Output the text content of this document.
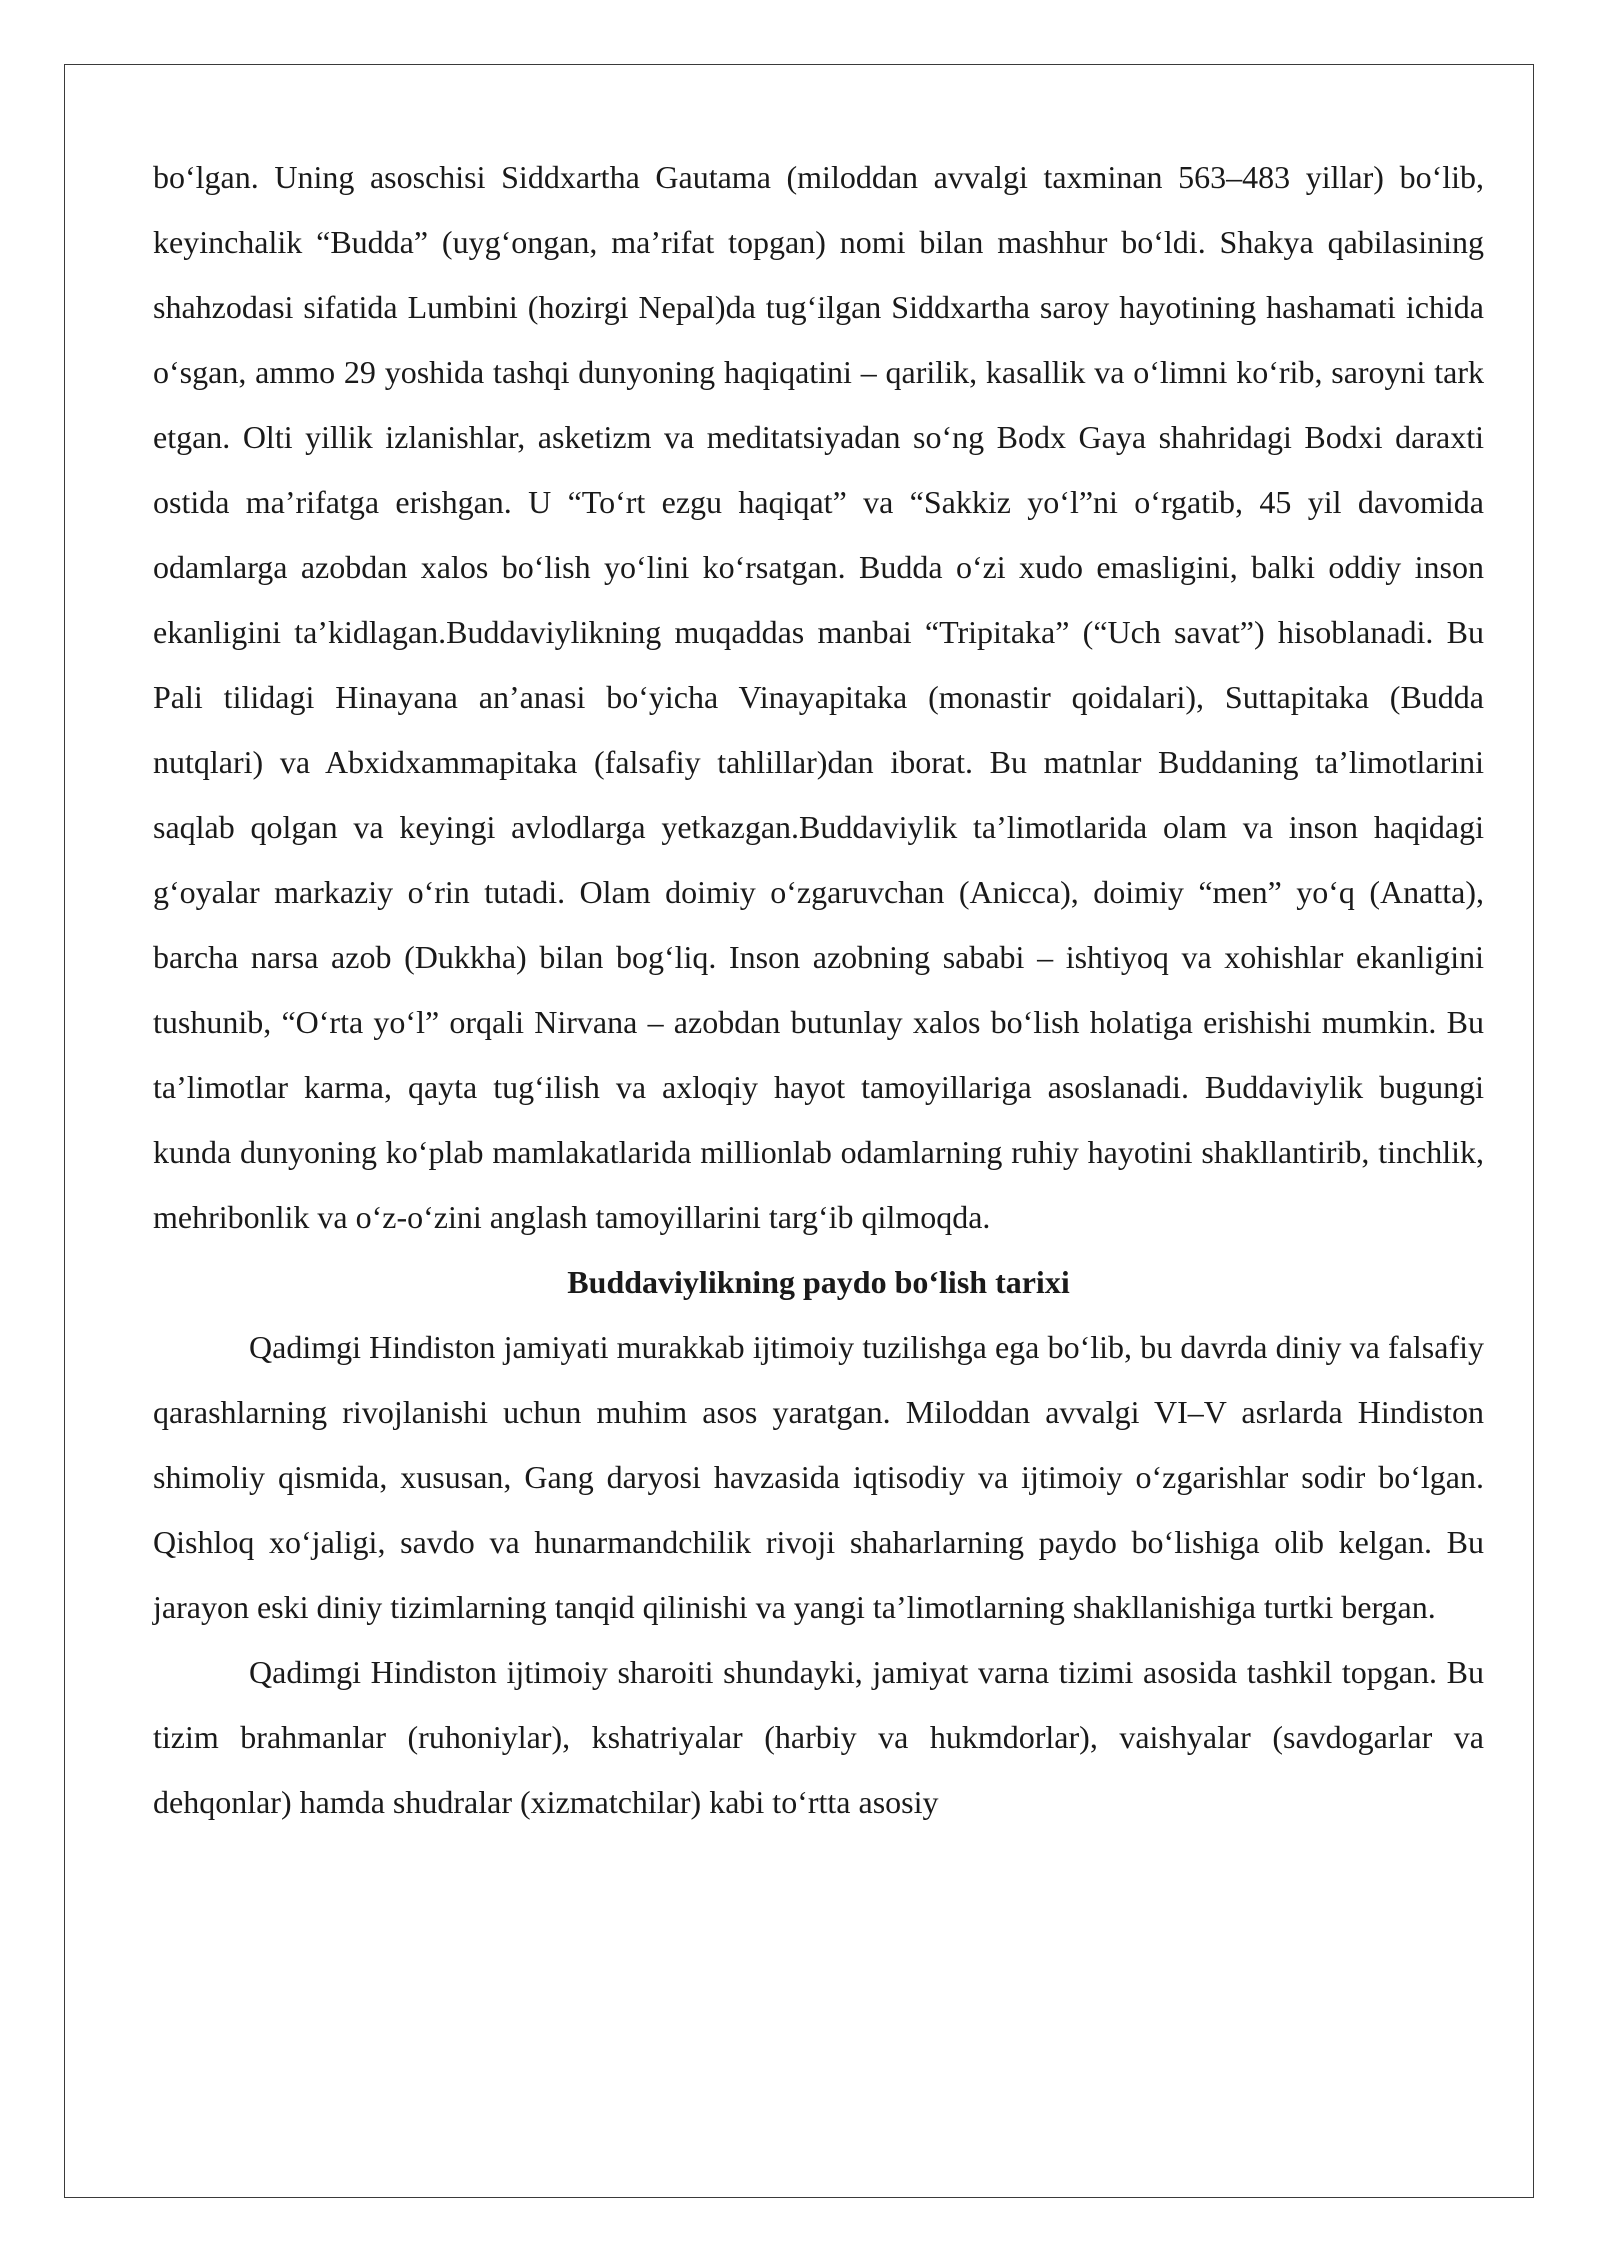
bo‘lgan. Uning asoschisi Siddxartha Gautama (miloddan avvalgi taxminan 563–483 yillar) bo‘lib, keyinchalik “Budda” (uyg‘ongan, ma’rifat topgan) nomi bilan mashhur bo‘ldi. Shakya qabilasining shahzodasi sifatida Lumbini (hozirgi Nepal)da tug‘ilgan Siddxartha saroy hayotining hashamati ichida o‘sgan, ammo 29 yoshida tashqi dunyoning haqiqatini – qarilik, kasallik va o‘limni ko‘rib, saroyni tark etgan. Olti yillik izlanishlar, asketizm va meditatsiyadan so‘ng Bodx Gaya shahridagi Bodxi daraxti ostida ma’rifatga erishgan. U “To‘rt ezgu haqiqat” va “Sakkiz yo‘l”ni o‘rgatib, 45 yil davomida odamlarga azobdan xalos bo‘lish yo‘lini ko‘rsatgan. Budda o‘zi xudo emasligini, balki oddiy inson ekanligini ta’kidlagan.Buddaviylikning muqaddas manbai “Tripitaka” (“Uch savat”) hisoblanadi. Bu Pali tilidagi Hinayana an’anasi bo‘yicha Vinayapitaka (monastir qoidalari), Suttapitaka (Budda nutqlari) va Abxidxammapitaka (falsafiy tahlillar)dan iborat. Bu matnlar Buddaning ta’limotlarini saqlab qolgan va keyingi avlodlarga yetkazgan.Buddaviylik ta’limotlarida olam va inson haqidagi g‘oyalar markaziy o‘rin tutadi. Olam doimiy o‘zgaruvchan (Anicca), doimiy “men” yo‘q (Anatta), barcha narsa azob (Dukkha) bilan bog‘liq. Inson azobning sababi – ishtiyoq va xohishlar ekanligini tushunib, “O‘rta yo‘l” orqali Nirvana – azobdan butunlay xalos bo‘lish holatiga erishishi mumkin. Bu ta’limotlar karma, qayta tug‘ilish va axloqiy hayot tamoyillariga asoslanadi. Buddaviylik bugungi kunda dunyoning ko‘plab mamlakatlarida millionlab odamlarning ruhiy hayotini shakllantirib, tinchlik, mehribonlik va o‘z-o‘zini anglash tamoyillarini targ‘ib qilmoqda.

Buddaviylikning paydo bo‘lish tarixi

Qadimgi Hindiston jamiyati murakkab ijtimoiy tuzilishga ega bo‘lib, bu davrda diniy va falsafiy qarashlarning rivojlanishi uchun muhim asos yaratgan. Miloddan avvalgi VI–V asrlarda Hindiston shimoliy qismida, xususan, Gang daryosi havzasida iqtisodiy va ijtimoiy o‘zgarishlar sodir bo‘lgan. Qishloq xo‘jaligi, savdo va hunarmandchilik rivoji shaharlarning paydo bo‘lishiga olib kelgan. Bu jarayon eski diniy tizimlarning tanqid qilinishi va yangi ta’limotlarning shakllanishiga turtki bergan.

Qadimgi Hindiston ijtimoiy sharoiti shundayki, jamiyat varna tizimi asosida tashkil topgan. Bu tizim brahmanlar (ruhoniylar), kshatriyalar (harbiy va hukmdorlar), vaishyalar (savdogarlar va dehqonlar) hamda shudralar (xizmatchilar) kabi to‘rtta asosiy
